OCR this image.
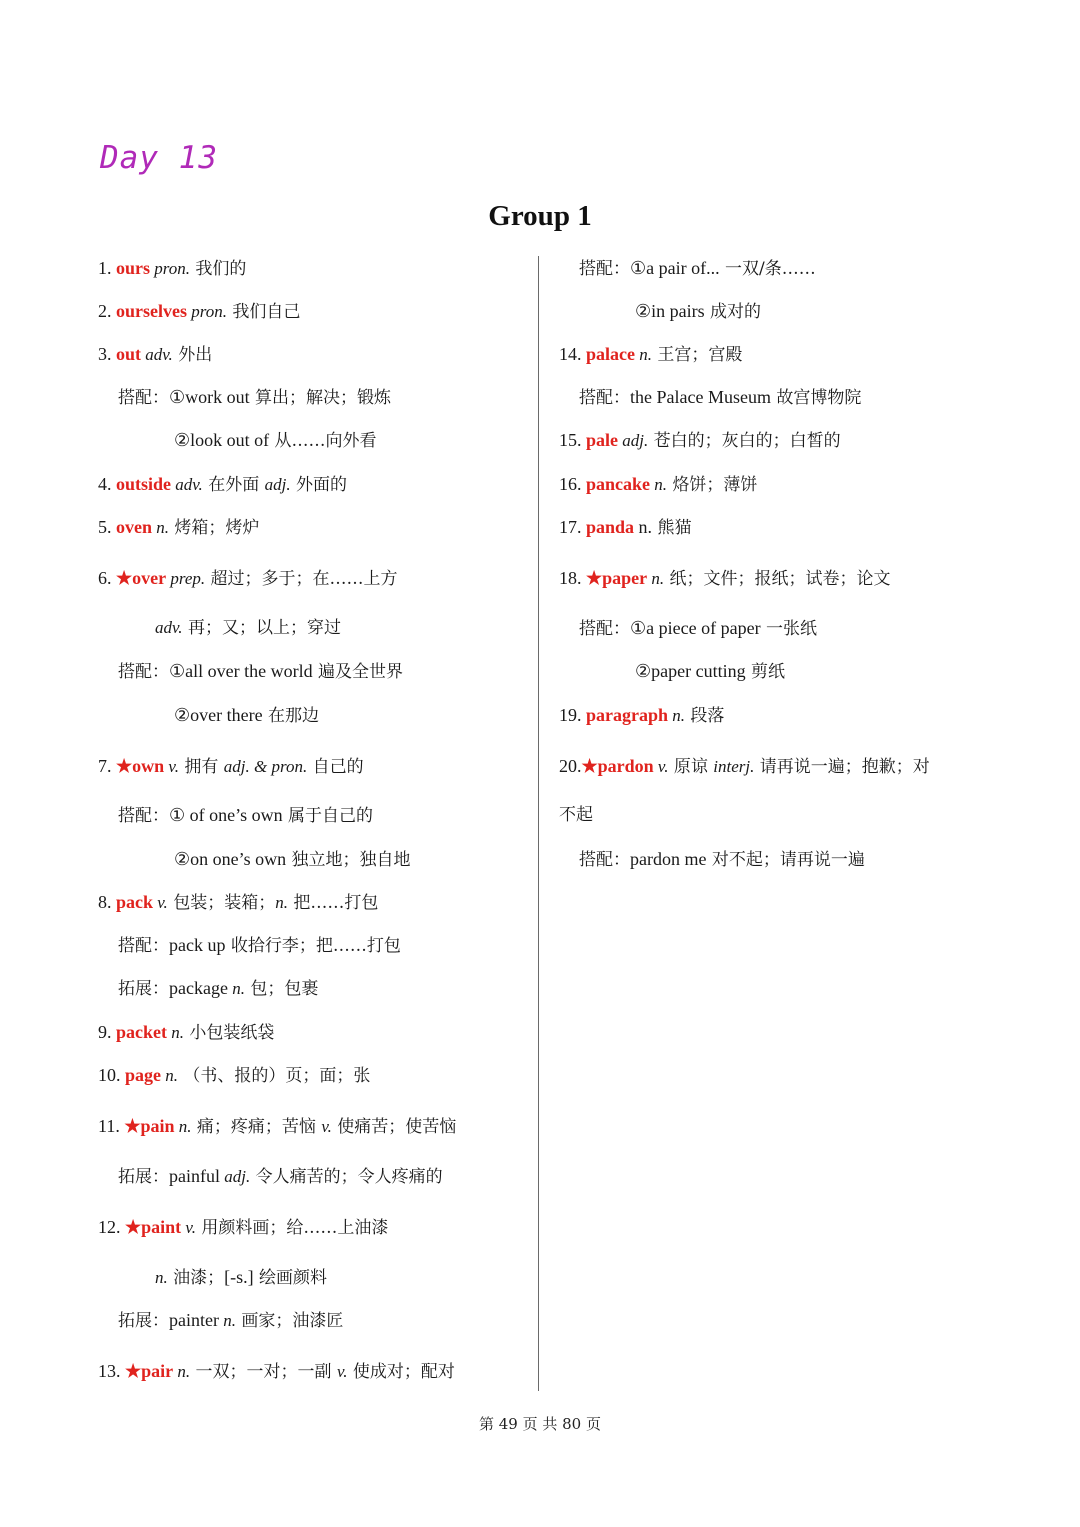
Day 13
Group 1
1. ours pron. 我们的
2. ourselves pron. 我们自己
3. out adv. 外出
搭配：①work out 算出；解决；锻炼
②look out of 从……向外看
4. outside adv. 在外面 adj. 外面的
5. oven n. 烤箱；烤炉
6. ★over prep. 超过；多于；在……上方
adv. 再；又；以上；穿过
搭配：①all over the world 遍及全世界
②over there 在那边
7. ★own v. 拥有 adj. & pron. 自己的
搭配：① of one’s own 属于自己的
②on one’s own 独立地；独自地
8. pack v. 包装；装箱；n. 把……打包
搭配：pack up 收拾行李；把……打包
拓展：package n. 包；包裹
9. packet n. 小包装纸袋
10. page n. （书、报的）页；面；张
11. ★pain n. 痛；疼痛；苦恼 v. 使痛苦；使苦恼
拓展：painful adj. 令人痛苦的；令人疼痛的
12. ★paint v. 用颜料画；给……上油漆
n. 油漆；[-s.] 绘画颜料
拓展：painter n. 画家；油漆匠
13. ★pair n. 一双；一对；一副 v. 使成对；配对
搭配：①a pair of... 一双/条……
②in pairs 成对的
14. palace n. 王宫；宫殿
搭配：the Palace Museum 故宫博物院
15. pale adj. 苍白的；灰白的；白皙的
16. pancake n. 烙饼；薄饼
17. panda n. 熊猫
18. ★paper n. 纸；文件；报纸；试卷；论文
搭配：①a piece of paper 一张纸
②paper cutting 剪纸
19. paragraph n. 段落
20.★pardon v. 原谅 interj. 请再说一遍；抱歉；对
不起
搭配：pardon me 对不起；请再说一遍
第 49 页 共 80 页
